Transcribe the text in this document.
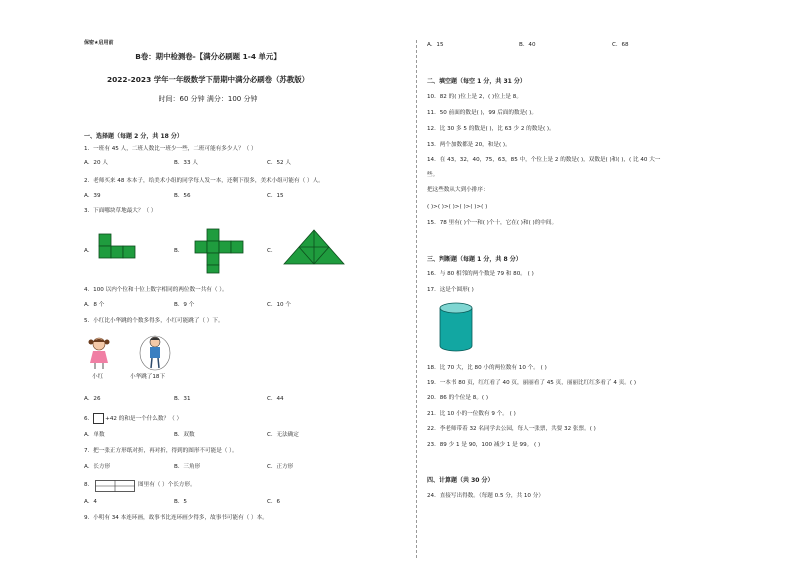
保密★启用前
B卷：期中检测卷-【满分必刷题 1-4 单元】
2022-2023 学年一年级数学下册期中满分必刷卷（苏教版）
时间：60 分钟 满分：100 分钟
一、选择题（每题 2 分，共 18 分）
1．一班有 45 人，二班人数比一班少一些，二班可能有多少人？（ ）
A．20 人	B．33 人	C．52 人
2．老师买来 48 本本子，给美术小组的同学每人发一本，还剩下很多，美术小组可能有（ ）人。
A．39	B．56	C．15
3．下面哪块草地最大？（ ）
A．	B．	C．
4．100 以内个位和十位上数字相同的两位数一共有（ ）。
A．8 个	B．9 个	C．10 个
5．小红比小华跳的个数多得多，小红可能跳了（ ）下。
小红	小华跳了18下
A．26	B．31	C．44
6． +42 的和是一个什么数？（ ）
A．单数	B．双数	C．无法确定
7．把一张正方形纸对折，再对折，得到的图形不可能是（ ）。
A．长方形	B．三角形	C．正方形
8．	图里有（ ）个长方形。
A．4	B．5	C．6
9．小明有 34 本连环画，故事书比连环画少得多，故事书可能有（ ）本。
A．15	B．40	C．68
二、填空题（每空 1 分，共 31 分）
10．82 的( )位上是 2，( )位上是 8。
11．50 前面的数是( )，99 后面的数是( )。
12．比 30 多 5 的数是( )，比 63 少 2 的数是( )。
13．两个加数都是 20，和是( )。
14．在 43，32，40，75，63，85 中，个位上是 2 的数是( )，双数是( )和( )，( 比 40 大一
些。
把这些数从大到小排序：
( )>( )>( )>( )>( )>( )
15．78 里有( )个一和( )个十，它在( )和( )的中间。
三、判断题（每题 1 分，共 8 分）
16．与 80 相邻的两个数是 79 和 80。 ( )
17．这是个圆形( )
18．比 70 大，比 80 小的两位数有 10 个。 ( )
19．一本书 80 页，红红看了 40 页，丽丽看了 45 页，丽丽比红红多看了 4 页。( )
20．86 的个位是 8。( )
21．比 10 小的一位数有 9 个。 ( )
22．李老师带着 32 名同学去公园，每人一张票，共要 32 张票。( )
23．89 少 1 是 90，100 减少 1 是 99。 ( )
四、计算题（共 30 分）
24．直接写出得数。（每题 0.5 分，共 10 分）
